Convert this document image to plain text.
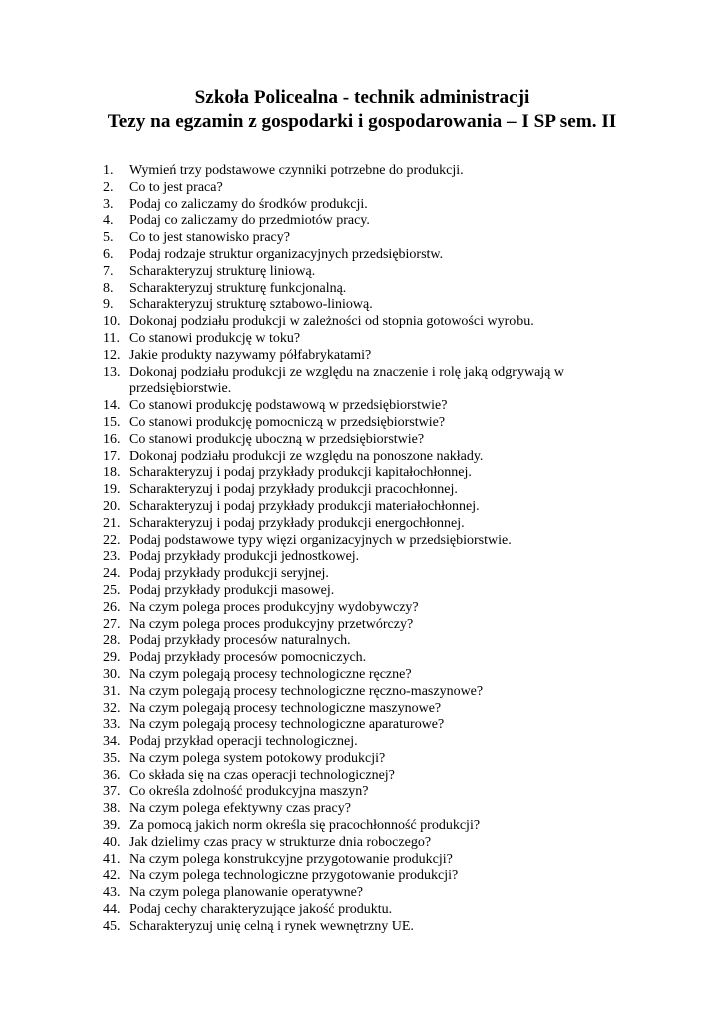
Szkoła Policealna - technik administracji
Tezy na egzamin z gospodarki i gospodarowania – I SP sem. II
1.	Wymień trzy podstawowe czynniki potrzebne do produkcji.
2.	Co to jest praca?
3.	Podaj co zaliczamy do środków produkcji.
4.	Podaj co zaliczamy do przedmiotów pracy.
5.	Co to jest stanowisko pracy?
6.	Podaj rodzaje struktur organizacyjnych przedsiębiorstw.
7.	Scharakteryzuj strukturę liniową.
8.	Scharakteryzuj strukturę funkcjonalną.
9.	Scharakteryzuj strukturę sztabowo-liniową.
10. Dokonaj podziału produkcji w zależności od stopnia gotowości wyrobu.
11. Co stanowi produkcję w toku?
12. Jakie produkty nazywamy półfabrykatami?
13. Dokonaj podziału produkcji ze względu na znaczenie i rolę jaką odgrywają w przedsiębiorstwie.
14. Co stanowi produkcję podstawową w przedsiębiorstwie?
15. Co stanowi produkcję pomocniczą w przedsiębiorstwie?
16. Co stanowi produkcję uboczną w przedsiębiorstwie?
17. Dokonaj podziału produkcji ze względu na ponoszone nakłady.
18. Scharakteryzuj i podaj przykłady produkcji kapitałochłonnej.
19. Scharakteryzuj i podaj przykłady produkcji pracochłonnej.
20. Scharakteryzuj i podaj przykłady produkcji materiałochłonnej.
21. Scharakteryzuj i podaj przykłady produkcji energochłonnej.
22. Podaj podstawowe typy więzi organizacyjnych w przedsiębiorstwie.
23. Podaj przykłady produkcji jednostkowej.
24. Podaj przykłady produkcji seryjnej.
25. Podaj przykłady produkcji masowej.
26. Na czym polega proces produkcyjny wydobywczy?
27. Na czym polega proces produkcyjny przetwórczy?
28. Podaj przykłady procesów naturalnych.
29. Podaj przykłady procesów pomocniczych.
30. Na czym polegają procesy technologiczne ręczne?
31. Na czym polegają procesy technologiczne ręczno-maszynowe?
32. Na czym polegają procesy technologiczne maszynowe?
33. Na czym polegają procesy technologiczne aparaturowe?
34. Podaj przykład operacji technologicznej.
35. Na czym polega system potokowy produkcji?
36. Co składa się na czas operacji technologicznej?
37. Co określa zdolność produkcyjna maszyn?
38. Na czym polega efektywny czas pracy?
39. Za pomocą jakich norm określa się pracochłonność produkcji?
40. Jak dzielimy czas pracy w strukturze dnia roboczego?
41. Na czym polega konstrukcyjne przygotowanie produkcji?
42. Na czym polega technologiczne przygotowanie produkcji?
43. Na czym polega planowanie operatywne?
44. Podaj cechy charakteryzujące jakość produktu.
45. Scharakteryzuj unię celną i rynek wewnętrzny UE.
